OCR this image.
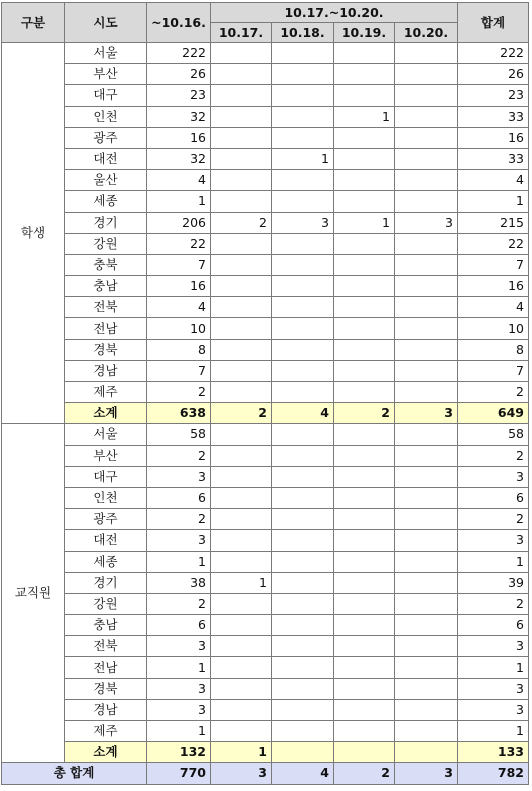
구분	시도	~10.16.	10.17.~10.20.				합계
			10.17.	10.18.	10.19.	10.20.	
학생	서울	222					222
	부산	26					26
	대구	23					23
	인천	32			1		33
	광주	16					16
	대전	32		1			33
	울산	4					4
	세종	1					1
	경기	206	2	3	1	3	215
	강원	22					22
	충북	7					7
	충남	16					16
	전북	4					4
	전남	10					10
	경북	8					8
	경남	7					7
	제주	2					2
	소계	638	2	4	2	3	649
교직원	서울	58					58
	부산	2					2
	대구	3					3
	인천	6					6
	광주	2					2
	대전	3					3
	세종	1					1
	경기	38	1				39
	강원	2					2
	충남	6					6
	전북	3					3
	전남	1					1
	경북	3					3
	경남	3					3
	제주	1					1
	소계	132	1				133
총 합계		770	3	4	2	3	782
